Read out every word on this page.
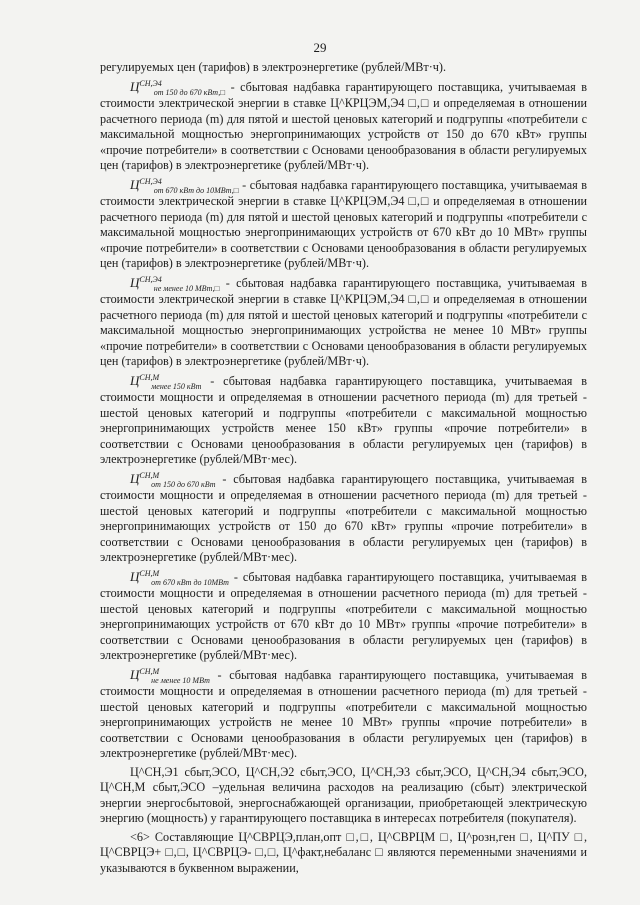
29

регулируемых цен (тарифов) в электроэнергетике (рублей/МВт·ч).

$Ц^{СН,Э4}от$ 150 до 670 кВт,□ - сбытовая надбавка гарантирующего поставщика, учитываемая в стоимости электрической энергии в ставке Ц^КРЦЭМ,Э4 □,□ и определяемая в отношении расчетного периода (m) для пятой и шестой ценовых категорий и подгруппы «потребители с максимальной мощностью энергопринимающих устройств от 150 до 670 кВт» группы «прочие потребители» в соответствии с Основами ценообразования в области регулируемых цен (тарифов) в электроэнергетике (рублей/МВт·ч).

$Ц^{СН,Э4}от$ 670 кВт до 10МВт,□ - сбытовая надбавка гарантирующего поставщика, учитываемая в стоимости электрической энергии в ставке Ц^КРЦЭМ,Э4 □,□ и определяемая в отношении расчетного периода (m) для пятой и шестой ценовых категорий и подгруппы «потребители с максимальной мощностью энергопринимающих устройств от 670 кВт до 10 МВт» группы «прочие потребители» в соответствии с Основами ценообразования в области регулируемых цен (тарифов) в электроэнергетике (рублей/МВт·ч).

$Ц^{СН,Э4}не$ менее 10 МВт,□ - сбытовая надбавка гарантирующего поставщика, учитываемая в стоимости электрической энергии в ставке Ц^КРЦЭМ,Э4 □,□ и определяемая в отношении расчетного периода (m) для пятой и шестой ценовых категорий и подгруппы «потребители с максимальной мощностью энергопринимающих устройства не менее 10 МВт» группы «прочие потребители» в соответствии с Основами ценообразования в области регулируемых цен (тарифов) в электроэнергетике (рублей/МВт·ч).

$Ц^{СН,М}менее$ 150 кВт - сбытовая надбавка гарантирующего поставщика, учитываемая в стоимости мощности и определяемая в отношении расчетного периода (m) для третьей - шестой ценовых категорий и подгруппы «потребители с максимальной мощностью энергопринимающих устройств менее 150 кВт» группы «прочие потребители» в соответствии с Основами ценообразования в области регулируемых цен (тарифов) в электроэнергетике (рублей/МВт·мес).

$Ц^{СН,М}от$ 150 до 670 кВт - сбытовая надбавка гарантирующего поставщика, учитываемая в стоимости мощности и определяемая в отношении расчетного периода (m) для третьей - шестой ценовых категорий и подгруппы «потребители с максимальной мощностью энергопринимающих устройств от 150 до 670 кВт» группы «прочие потребители» в соответствии с Основами ценообразования в области регулируемых цен (тарифов) в электроэнергетике (рублей/МВт·мес).

$Ц^{СН,М}от$ 670 кВт до 10МВт - сбытовая надбавка гарантирующего поставщика, учитываемая в стоимости мощности и определяемая в отношении расчетного периода (m) для третьей - шестой ценовых категорий и подгруппы «потребители с максимальной мощностью энергопринимающих устройств от 670 кВт до 10 МВт» группы «прочие потребители» в соответствии с Основами ценообразования в области регулируемых цен (тарифов) в электроэнергетике (рублей/МВт·мес).

$Ц^{СН,М}не$ менее 10 МВт - сбытовая надбавка гарантирующего поставщика, учитываемая в стоимости мощности и определяемая в отношении расчетного периода (m) для третьей - шестой ценовых категорий и подгруппы «потребители с максимальной мощностью энергопринимающих устройств не менее 10 МВт» группы «прочие потребители» в соответствии с Основами ценообразования в области регулируемых цен (тарифов) в электроэнергетике (рублей/МВт·мес).

Ц^СН,Э1 сбыт,ЭСО, Ц^СН,Э2 сбыт,ЭСО, Ц^СН,Э3 сбыт,ЭСО, Ц^СН,Э4 сбыт,ЭСО, Ц^СН,М сбыт,ЭСО –удельная величина расходов на реализацию (сбыт) электрической энергии энергосбытовой, энергоснабжающей организации, приобретающей электрическую энергию (мощность) у гарантирующего поставщика в интересах потребителя (покупателя).

<6> Составляющие Ц^СВРЦЭ,план,опт □,□, Ц^СВРЦМ □, Ц^розн,ген □, Ц^ПУ □, Ц^СВРЦЭ+ □,□, Ц^СВРЦЭ- □,□, Ц^факт,небаланс □ являются переменными значениями и указываются в буквенном выражении,
